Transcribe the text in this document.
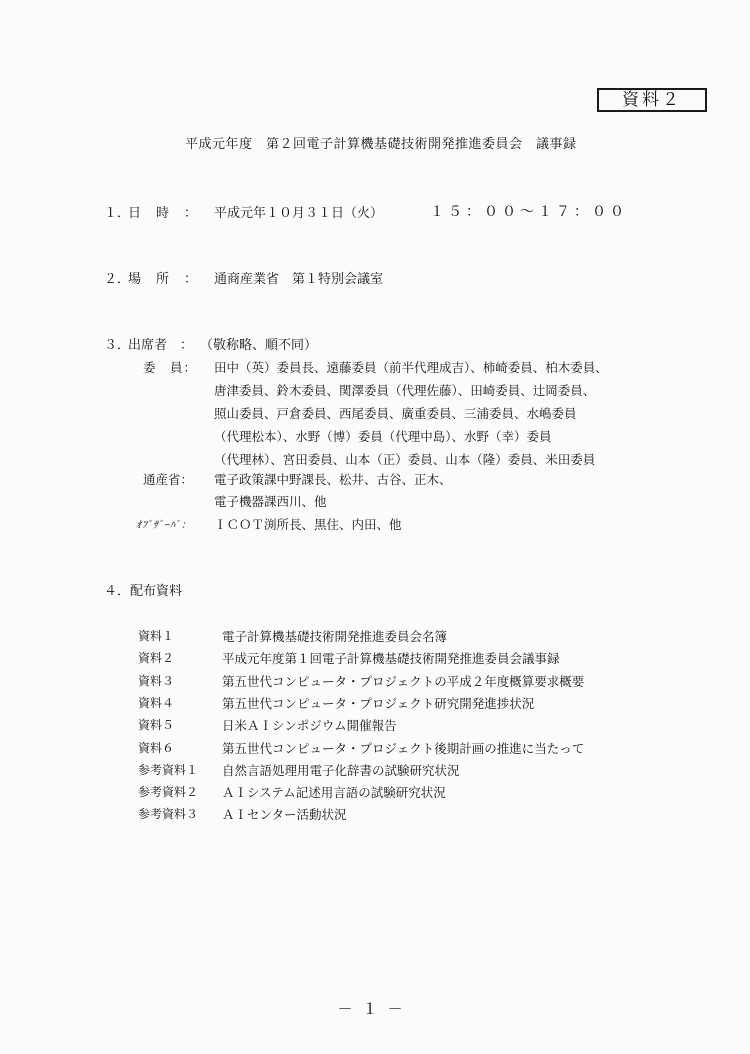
資料２
平成元年度　第２回電子計算機基礎技術開発推進委員会　議事録
１．
日　時　： 平成元年１０月３１日（火）	１５：００～１７：００
２．
場　所　： 通商産業省　第１特別会議室
３．
出席者　： （敬称略、順不同）
委　員： 田中（英）委員長、遠藤委員（前半代理成吉）、柿崎委員、柏木委員、
唐津委員、鈴木委員、関澤委員（代理佐藤）、田崎委員、辻岡委員、
照山委員、戸倉委員、西尾委員、廣重委員、三浦委員、水嶋委員
（代理松本）、水野（博）委員（代理中島）、水野（幸）委員
（代理林）、宮田委員、山本（正）委員、山本（隆）委員、米田委員
通産省： 電子政策課中野課長、松井、古谷、正木、
電子機器課西川、他
ｵﾌﾞｻﾞｰﾊﾞ： ＩＣＯＴ渕所長、黒住、内田、他
４．配布資料
資料１	電子計算機基礎技術開発推進委員会名簿
資料２	平成元年度第１回電子計算機基礎技術開発推進委員会議事録
資料３	第五世代コンピュータ・プロジェクトの平成２年度概算要求概要
資料４	第五世代コンピュータ・プロジェクト研究開発進捗状況
資料５	日米ＡＩシンポジウム開催報告
資料６	第五世代コンピュータ・プロジェクト後期計画の推進に当たって
参考資料１ 自然言語処理用電子化辞書の試験研究状況
参考資料２ ＡＩシステム記述用言語の試験研究状況
参考資料３ ＡＩセンター活動状況
－１－
